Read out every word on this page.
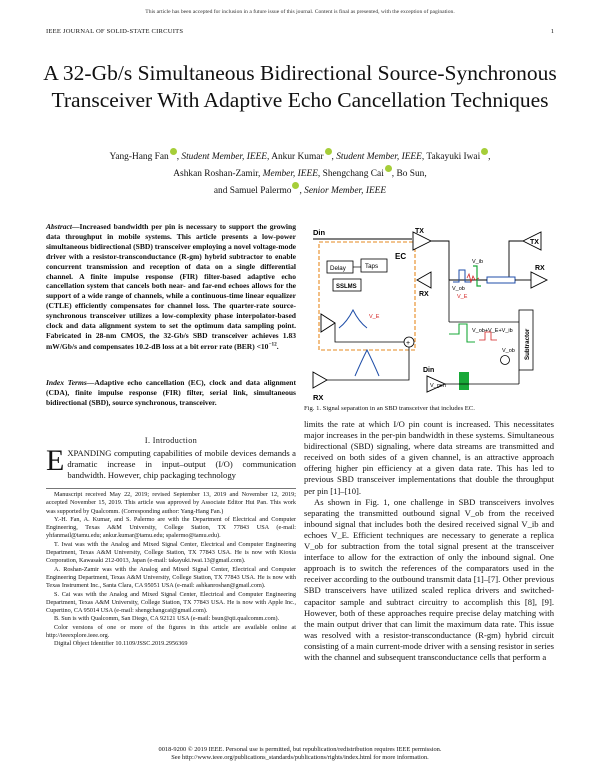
This article has been accepted for inclusion in a future issue of this journal. Content is final as presented, with the exception of pagination.
IEEE JOURNAL OF SOLID-STATE CIRCUITS	1
A 32-Gb/s Simultaneous Bidirectional Source-Synchronous Transceiver With Adaptive Echo Cancellation Techniques
Yang-Hang Fan , Student Member, IEEE, Ankur Kumar , Student Member, IEEE, Takayuki Iwai ,
Ashkan Roshan-Zamir, Member, IEEE, Shengchang Cai , Bo Sun,
and Samuel Palermo , Senior Member, IEEE
Abstract—Increased bandwidth per pin is necessary to support the growing data throughput in mobile systems. This article presents a low-power simultaneous bidirectional (SBD) transceiver employing a novel voltage-mode driver with a resistor-transconductance (R-gm) hybrid subtractor to enable concurrent transmission and reception of data on a single differential channel. A finite impulse response (FIR) filter-based adaptive echo cancellation system that cancels both near- and far-end echoes allows for the support of a wide range of channels, while a continuous-time linear equalizer (CTLE) efficiently compensates for channel loss. The quarter-rate source-synchronous transceiver utilizes a low-complexity phase interpolator-based clock and data alignment system to set the optimum data sampling point. Fabricated in 28-nm CMOS, the 32-Gb/s SBD transceiver achieves 1.83 mW/Gb/s and compensates 10.2-dB loss at a bit error rate $(BER) <10^{-12}$.
Index Terms—Adaptive echo cancellation (EC), clock and data alignment (CDA), finite impulse response (FIR) filter, serial link, simultaneous bidirectional (SBD), source synchronous, transceiver.
I. Introduction
EXPANDING computing capabilities of mobile devices demands a dramatic increase in input–output (I/O) communication bandwidth. However, chip packaging technology

Manuscript received May 22, 2019; revised September 13, 2019 and November 12, 2019; accepted November 15, 2019. This article was approved by Associate Editor Hui Pan. This work was supported by Qualcomm. (Corresponding author: Yang-Hang Fan.)

Y.-H. Fan, A. Kumar, and S. Palermo are with the Department of Electrical and Computer Engineering, Texas A&M University, College Station, TX 77843 USA (e-mail: yhfanmail@tamu.edu; ankur.kumar@tamu.edu; spalermo@tamu.edu).

T. Iwai was with the Analog and Mixed Signal Center, Electrical and Computer Engineering Department, Texas A&M University, College Station, TX 77843 USA. He is now with Kioxia Corporation, Kawasaki 212-0013, Japan (e-mail: takayuki.iwai.13@gmail.com).

A. Roshan-Zamir was with the Analog and Mixed Signal Center, Electrical and Computer Engineering Department, Texas A&M University, College Station, TX 77843 USA. He is now with Texas Instrument Inc., Santa Clara, CA 95051 USA (e-mail: ashkanroshan@gmail.com).

S. Cai was with the Analog and Mixed Signal Center, Electrical and Computer Engineering Department, Texas A&M University, College Station, TX 77843 USA. He is now with Apple Inc., Cupertino, CA 95014 USA (e-mail: shengchangcai@gmail.com).

B. Sun is with Qualcomm, San Diego, CA 92121 USA (e-mail: bsun@qti.qualcomm.com).

Color versions of one or more of the figures in this article are available online at http://ieeexplore.ieee.org.

Digital Object Identifier 10.1109/JSSC.2019.2956369

Din
Delay	Taps
SSLMS
EC
TX
TX
RX
RX
V_ob
V_ib
V_E
V_E
+	Subtractor
V_ob+V_E+V_ib
V_ob
RX
Din
V_gen
Fig. 1. Signal separation in an SBD transceiver that includes EC.

limits the rate at which I/O pin count is increased. This necessitates major increases in the per-pin bandwidth in these systems. Simultaneous bidirectional (SBD) signaling, where data streams are transmitted and received on both sides of a given channel, is an attractive approach offering higher pin efficiency at a given data rate. This has led to previous SBD transceiver implementations that double the throughput per pin [1]–[10].

As shown in Fig. 1, one challenge in SBD transceivers involves separating the transmitted outbound signal V_ob from the received inbound signal that includes both the desired received signal V_ib and echoes V_E. Efficient techniques are necessary to generate a replica V_ob for subtraction from the total signal present at the transceiver interface to allow for the extraction of only the inbound signal. One approach is to switch the references of the comparators used in the receiver according to the outbound transmit data [1]–[7]. Other previous SBD transceivers have utilized scaled replica drivers and switched-capacitor sample and subtract circuitry to accomplish this [8], [9]. However, both of these approaches require precise delay matching with the main output driver that can limit the maximum data rate. This issue was resolved with a resistor-transconductance (R-gm) hybrid circuit consisting of a main current-mode driver with a sensing resistor in series with the channel and subsequent transconductance cells that perform a

0018-9200 © 2019 IEEE. Personal use is permitted, but republication/redistribution requires IEEE permission.
See http://www.ieee.org/publications_standards/publications/rights/index.html for more information.
